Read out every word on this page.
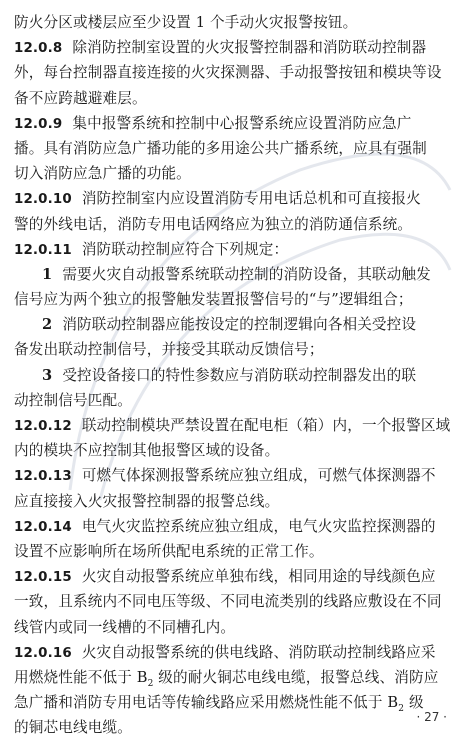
防火分区或楼层应至少设置 1 个手动火灾报警按钮。
12.0.8 除消防控制室设置的火灾报警控制器和消防联动控制器
外，每台控制器直接连接的火灾探测器、手动报警按钮和模块等设
备不应跨越避难层。
12.0.9 集中报警系统和控制中心报警系统应设置消防应急广
播。具有消防应急广播功能的多用途公共广播系统，应具有强制
切入消防应急广播的功能。
12.0.10 消防控制室内应设置消防专用电话总机和可直接报火
警的外线电话，消防专用电话网络应为独立的消防通信系统。
12.0.11 消防联动控制应符合下列规定：
1 需要火灾自动报警系统联动控制的消防设备，其联动触发
信号应为两个独立的报警触发装置报警信号的“与”逻辑组合；
2 消防联动控制器应能按设定的控制逻辑向各相关受控设
备发出联动控制信号，并接受其联动反馈信号；
3 受控设备接口的特性参数应与消防联动控制器发出的联
动控制信号匹配。
12.0.12 联动控制模块严禁设置在配电柜（箱）内，一个报警区域
内的模块不应控制其他报警区域的设备。
12.0.13 可燃气体探测报警系统应独立组成，可燃气体探测器不
应直接接入火灾报警控制器的报警总线。
12.0.14 电气火灾监控系统应独立组成，电气火灾监控探测器的
设置不应影响所在场所供配电系统的正常工作。
12.0.15 火灾自动报警系统应单独布线，相同用途的导线颜色应
一致，且系统内不同电压等级、不同电流类别的线路应敷设在不同
线管内或同一线槽的不同槽孔内。
12.0.16 火灾自动报警系统的供电线路、消防联动控制线路应采
用燃烧性能不低于 $B_2$ 级的耐火铜芯电线电缆，报警总线、消防应
急广播和消防专用电话等传输线路应采用燃烧性能不低于 $B_2$ 级
的铜芯电线电缆。
· 27 ·
